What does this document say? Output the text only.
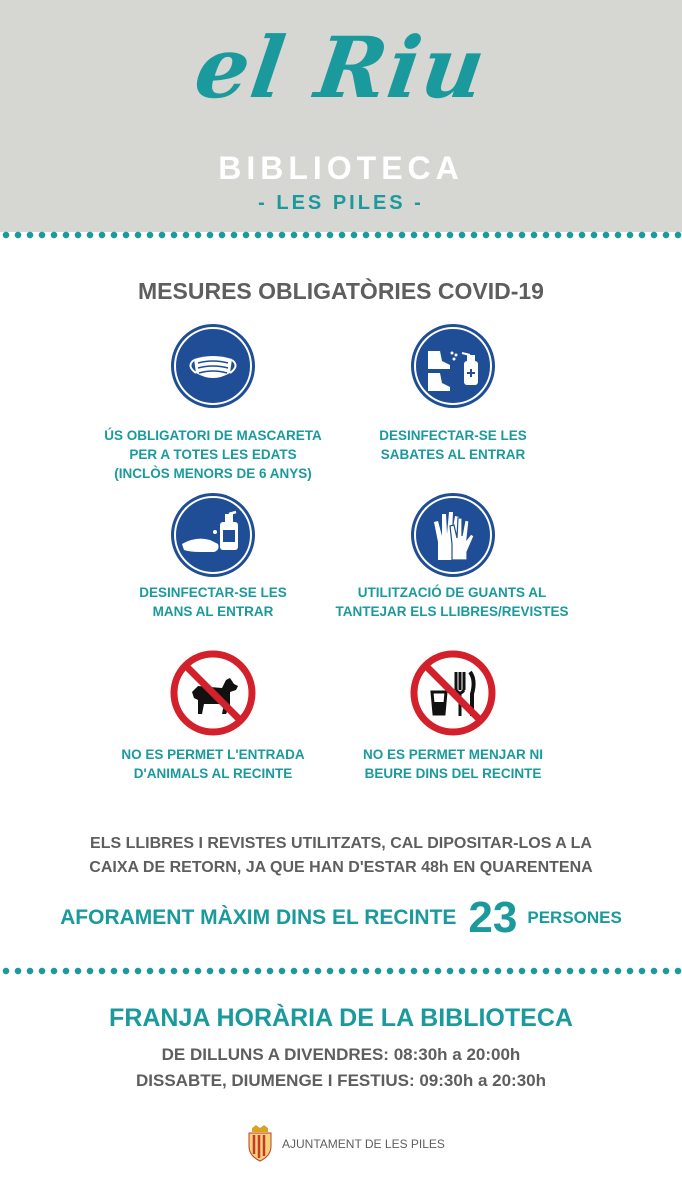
el Riu
BIBLIOTECA
- LES PILES -
MESURES OBLIGATÒRIES COVID-19
ÚS OBLIGATORI DE MASCARETA
PER A TOTES LES EDATS
(INCLÒS MENORS DE 6 ANYS)
DESINFECTAR-SE LES
SABATES AL ENTRAR
DESINFECTAR-SE LES
MANS AL ENTRAR
UTILITZACIÓ DE GUANTS AL
TANTEJAR ELS LLIBRES/REVISTES
NO ES PERMET L'ENTRADA
D'ANIMALS AL RECINTE
NO ES PERMET MENJAR NI
BEURE DINS DEL RECINTE
ELS LLIBRES I REVISTES UTILITZATS, CAL DIPOSITAR-LOS A LA
CAIXA DE RETORN, JA QUE HAN D'ESTAR 48h EN QUARENTENA
AFORAMENT MÀXIM DINS EL RECINTE 23 PERSONES
FRANJA HORÀRIA DE LA BIBLIOTECA
DE DILLUNS A DIVENDRES: 08:30h a 20:00h
DISSABTE, DIUMENGE I FESTIUS: 09:30h a 20:30h
AJUNTAMENT DE LES PILES
